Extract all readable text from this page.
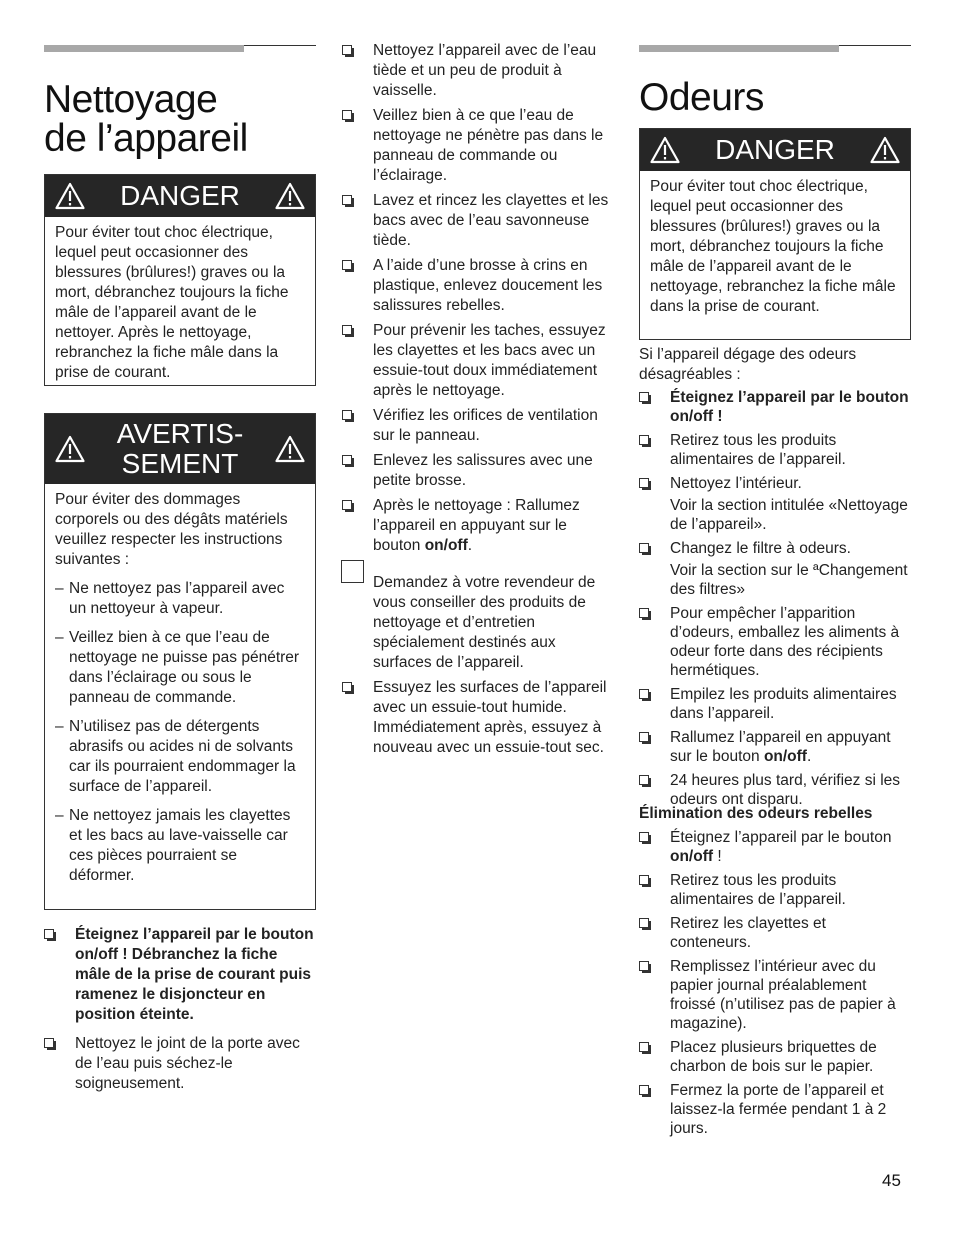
Nettoyage
de l’appareil
DANGER
Pour éviter tout choc électrique, lequel peut occasionner des blessures (brûlures!) graves ou la mort, débranchez toujours la fiche mâle de l’appareil avant de le nettoyer. Après le nettoyage, rebranchez la fiche mâle dans la prise de courant.
AVERTIS-
SEMENT
Pour éviter des dommages corporels ou des dégâts matériels veuillez respecter les instructions suivantes :
– Ne nettoyez pas l’appareil avec un nettoyeur à vapeur.
– Veillez bien à ce que l’eau de nettoyage ne puisse pas pénétrer dans l’éclairage ou sous le panneau de commande.
– N’utilisez pas de détergents abrasifs ou acides ni de solvants car ils pourraient endommager la surface de l’appareil.
– Ne nettoyez jamais les clayettes et les bacs au lave‑vaisselle car ces pièces pourraient se déformer.
Éteignez l’appareil par le bouton on/off ! Débranchez la fiche mâle de la prise de courant puis ramenez le disjoncteur en position éteinte.
Nettoyez le joint de la porte avec de l’eau puis séchez‑le soigneusement.
Nettoyez l’appareil avec de l’eau tiède et un peu de produit à vaisselle.
Veillez bien à ce que l’eau de nettoyage ne pénètre pas dans le panneau de commande ou l’éclairage.
Lavez et rincez les clayettes et les bacs avec de l’eau savonneuse tiède.
A l’aide d’une brosse à crins en plastique, enlevez doucement les salissures rebelles.
Pour prévenir les taches, essuyez les clayettes et les bacs avec un essuie‑tout doux immédiatement après le nettoyage.
Vérifiez les orifices de ventilation sur le panneau.
Enlevez les salissures avec une petite brosse.
Après le nettoyage : Rallumez l’appareil en appuyant sur le bouton on/off.
Demandez à votre revendeur de vous conseiller des produits de nettoyage et d’entretien spécialement destinés aux surfaces de l’appareil.
Essuyez les surfaces de l’appareil avec un essuie‑tout humide. Immédiatement après, essuyez à nouveau avec un essuie‑tout sec.
Odeurs
DANGER
Pour éviter tout choc électrique, lequel peut occasionner des blessures (brûlures!) graves ou la mort, débranchez toujours la fiche mâle de l’appareil avant de le nettoyage, rebranchez la fiche mâle dans la prise de courant.
Si l’appareil dégage des odeurs désagréables :
Éteignez l’appareil par le bouton on/off !
Retirez tous les produits alimentaires de l’appareil.
Nettoyez l’intérieur.
Voir la section intitulée «Nettoyage de l’appareil».
Changez le filtre à odeurs.
Voir la section sur le ªChangement des filtres»
Pour empêcher l’apparition d’odeurs, emballez les aliments à odeur forte dans des récipients hermétiques.
Empilez les produits alimentaires dans l’appareil.
Rallumez l’appareil en appuyant sur le bouton on/off.
24 heures plus tard, vérifiez si les odeurs ont disparu.
Élimination des odeurs rebelles
Éteignez l’appareil par le bouton on/off !
Retirez tous les produits alimentaires de l’appareil.
Retirez les clayettes et conteneurs.
Remplissez l’intérieur avec du papier journal préalablement froissé (n’utilisez pas de papier à magazine).
Placez plusieurs briquettes de charbon de bois sur le papier.
Fermez la porte de l’appareil et laissez‑la fermée pendant 1 à 2 jours.
45
